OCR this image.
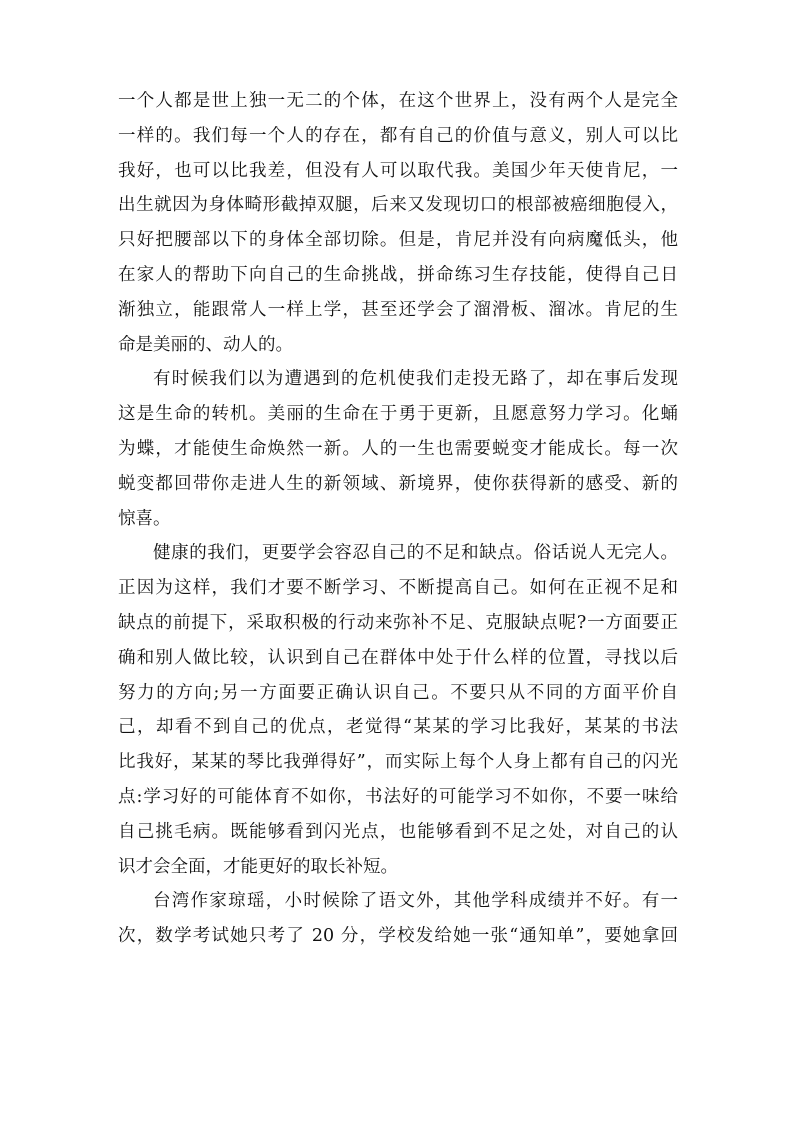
一个人都是世上独一无二的个体，在这个世界上，没有两个人是完全
一样的。我们每一个人的存在，都有自己的价值与意义，别人可以比
我好，也可以比我差，但没有人可以取代我。美国少年天使肯尼，一
出生就因为身体畸形截掉双腿，后来又发现切口的根部被癌细胞侵入，
只好把腰部以下的身体全部切除。但是，肯尼并没有向病魔低头，他
在家人的帮助下向自己的生命挑战，拼命练习生存技能，使得自己日
渐独立，能跟常人一样上学，甚至还学会了溜滑板、溜冰。肯尼的生
命是美丽的、动人的。
有时候我们以为遭遇到的危机使我们走投无路了，却在事后发现
这是生命的转机。美丽的生命在于勇于更新，且愿意努力学习。化蛹
为蝶，才能使生命焕然一新。人的一生也需要蜕变才能成长。每一次
蜕变都回带你走进人生的新领域、新境界，使你获得新的感受、新的
惊喜。
健康的我们，更要学会容忍自己的不足和缺点。俗话说人无完人。
正因为这样，我们才要不断学习、不断提高自己。如何在正视不足和
缺点的前提下，采取积极的行动来弥补不足、克服缺点呢?一方面要正
确和别人做比较，认识到自己在群体中处于什么样的位置，寻找以后
努力的方向;另一方面要正确认识自己。不要只从不同的方面平价自
己，却看不到自己的优点，老觉得“某某的学习比我好，某某的书法
比我好，某某的琴比我弹得好”，而实际上每个人身上都有自己的闪光
点:学习好的可能体育不如你，书法好的可能学习不如你，不要一味给
自己挑毛病。既能够看到闪光点，也能够看到不足之处，对自己的认
识才会全面，才能更好的取长补短。
台湾作家琼瑶，小时候除了语文外，其他学科成绩并不好。有一
次，数学考试她只考了 20 分，学校发给她一张“通知单”，要她拿回
